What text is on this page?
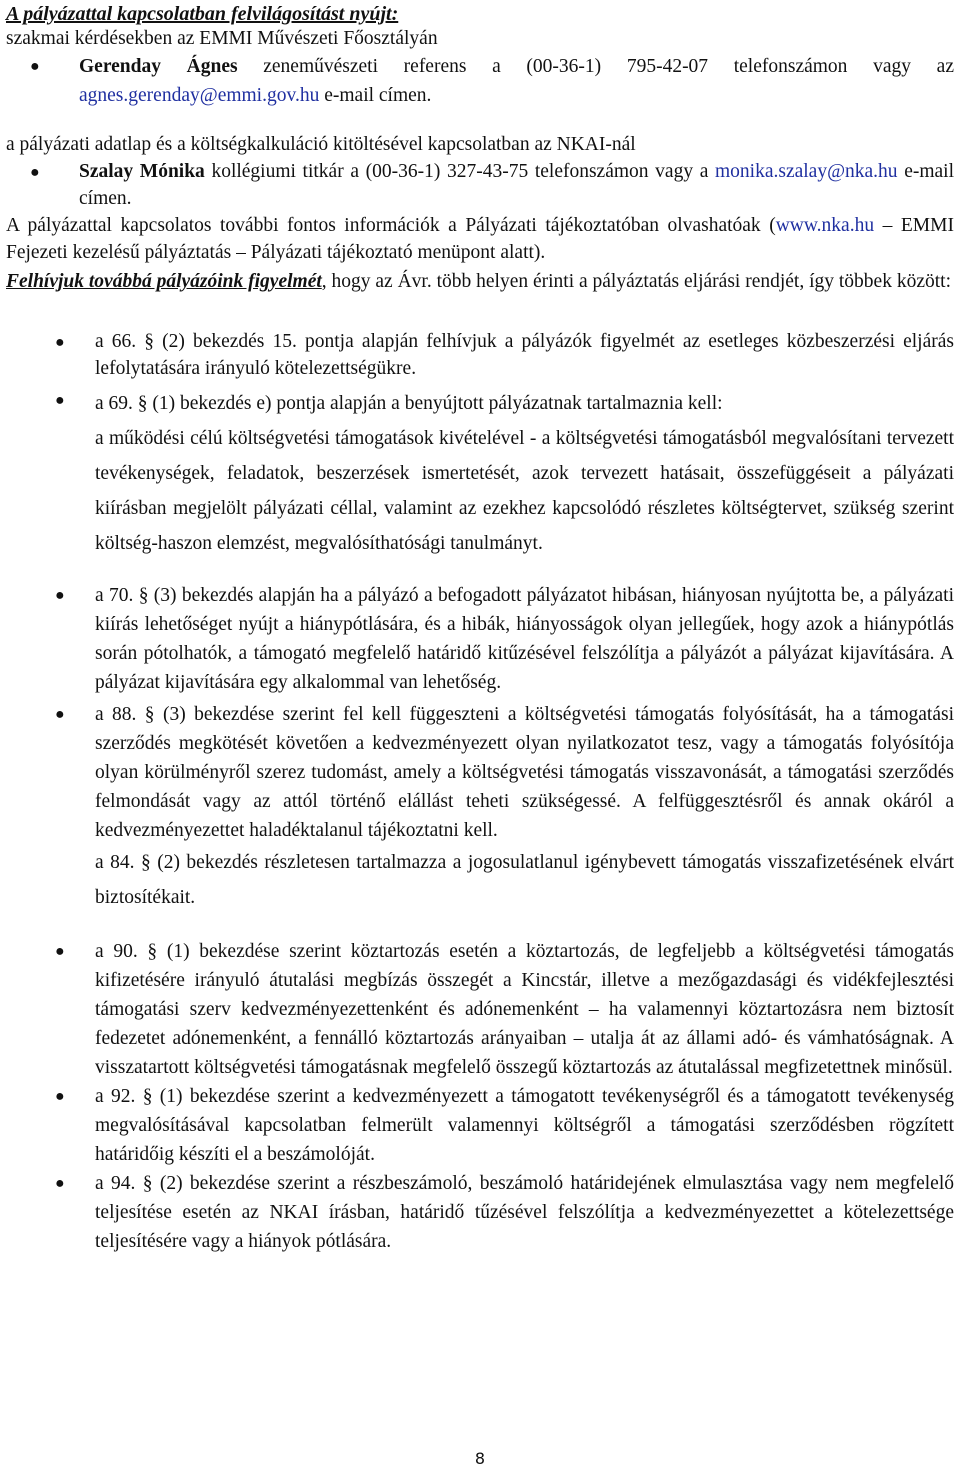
A pályázattal kapcsolatban felvilágosítást nyújt:

szakmai kérdésekben az EMMI Művészeti Főosztályán

● Gerenday Ágnes zeneművészeti referens a (00-36-1) 795-42-07 telefonszámon vagy az agnes.gerenday@emmi.gov.hu e-mail címen.

a pályázati adatlap és a költségkalkuláció kitöltésével kapcsolatban az NKAI-nál

● Szalay Mónika kollégiumi titkár a (00-36-1) 327-43-75 telefonszámon vagy a monika.szalay@nka.hu e-mail címen.

A pályázattal kapcsolatos további fontos információk a Pályázati tájékoztatóban olvashatóak (www.nka.hu – EMMI Fejezeti kezelésű pályáztatás – Pályázati tájékoztató menüpont alatt).

Felhívjuk továbbá pályázóink figyelmét, hogy az Ávr. több helyen érinti a pályáztatás eljárási rendjét, így többek között:

● a 66. § (2) bekezdés 15. pontja alapján felhívjuk a pályázók figyelmét az esetleges közbeszerzési eljárás lefolytatására irányuló kötelezettségükre.
● a 69. § (1) bekezdés e) pontja alapján a benyújtott pályázatnak tartalmaznia kell:
a működési célú költségvetési támogatások kivételével - a költségvetési támogatásból megvalósítani tervezett tevékenységek, feladatok, beszerzések ismertetését, azok tervezett hatásait, összefüggéseit a pályázati kiírásban megjelölt pályázati céllal, valamint az ezekhez kapcsolódó részletes költségtervet, szükség szerint költség-haszon elemzést, megvalósíthatósági tanulmányt.
● a 70. § (3) bekezdés alapján ha a pályázó a befogadott pályázatot hibásan, hiányosan nyújtotta be, a pályázati kiírás lehetőséget nyújt a hiánypótlására, és a hibák, hiányosságok olyan jellegűek, hogy azok a hiánypótlás során pótolhatók, a támogató megfelelő határidő kitűzésével felszólítja a pályázót a pályázat kijavítására. A pályázat kijavítására egy alkalommal van lehetőség.
● a 88. § (3) bekezdése szerint fel kell függeszteni a költségvetési támogatás folyósítását, ha a támogatási szerződés megkötését követően a kedvezményezett olyan nyilatkozatot tesz, vagy a támogatás folyósítója olyan körülményről szerez tudomást, amely a költségvetési támogatás visszavonását, a támogatási szerződés felmondását vagy az attól történő elállást teheti szükségessé. A felfüggesztésről és annak okáról a kedvezményezettet haladéktalanul tájékoztatni kell.
a 84. § (2) bekezdés részletesen tartalmazza a jogosulatlanul igénybevett támogatás visszafizetésének elvárt biztosítékait.
● a 90. § (1) bekezdése szerint köztartozás esetén a köztartozás, de legfeljebb a költségvetési támogatás kifizetésére irányuló átutalási megbízás összegét a Kincstár, illetve a mezőgazdasági és vidékfejlesztési támogatási szerv kedvezményezettenként és adónemenként – ha valamennyi köztartozásra nem biztosít fedezetet adónemenként, a fennálló köztartozás arányaiban – utalja át az állami adó- és vámhatóságnak. A visszatartott költségvetési támogatásnak megfelelő összegű köztartozás az átutalással megfizetettnek minősül.
● a 92. § (1) bekezdése szerint a kedvezményezett a támogatott tevékenységről és a támogatott tevékenység megvalósításával kapcsolatban felmerült valamennyi költségről a támogatási szerződésben rögzített határidőig készíti el a beszámolóját.
● a 94. § (2) bekezdése szerint a részbeszámoló, beszámoló határidejének elmulasztása vagy nem megfelelő teljesítése esetén az NKAI írásban, határidő tűzésével felszólítja a kedvezményezettet a kötelezettsége teljesítésére vagy a hiányok pótlására.
8
